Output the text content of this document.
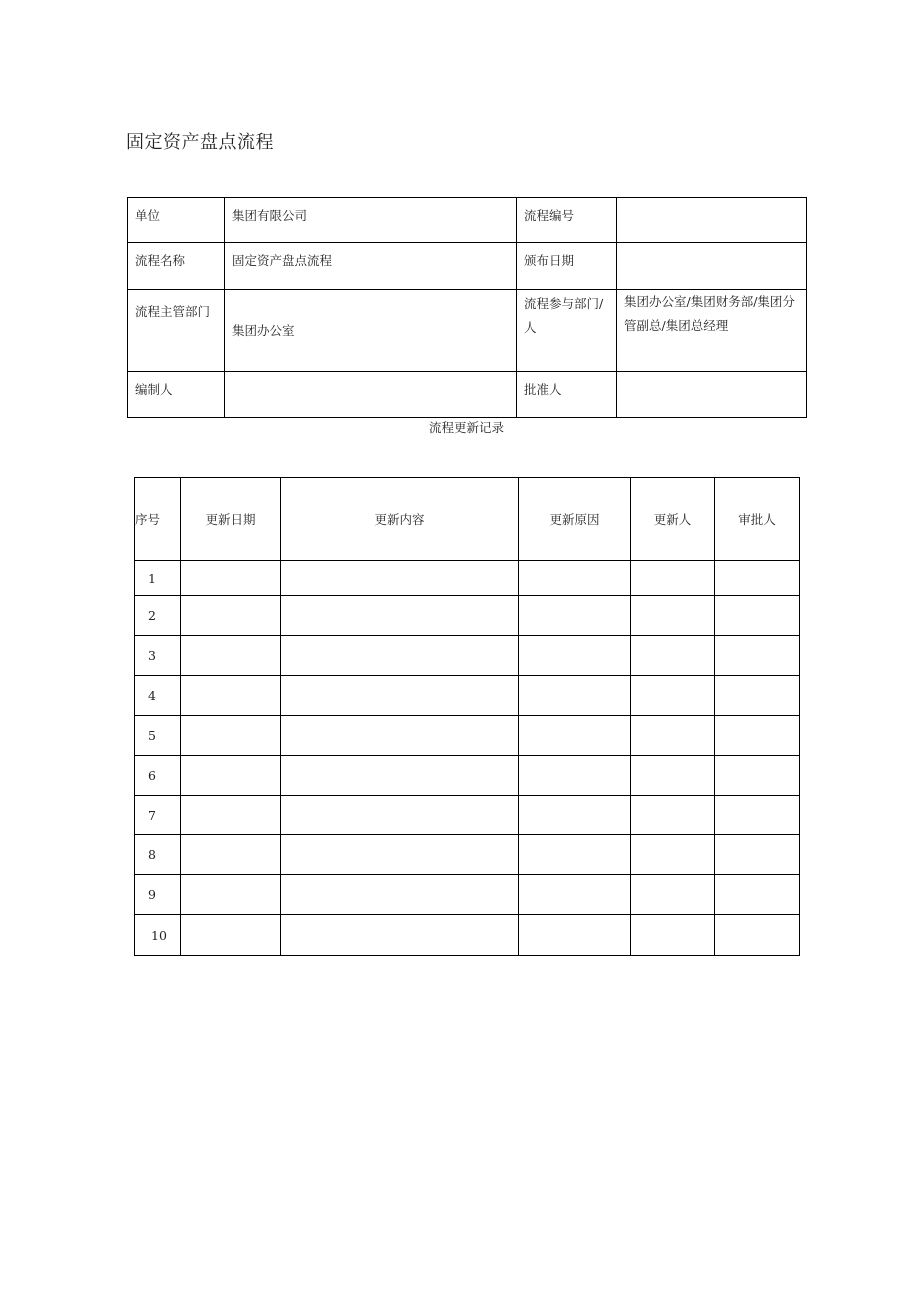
固定资产盘点流程
单位	集团有限公司	流程编号	
流程名称	固定资产盘点流程	颁布日期	
流程主管部门	集团办公室	流程参与部门/人	集团办公室/集团财务部/集团分管副总/集团总经理
编制人		批准人	
流程更新记录
序号	更新日期	更新内容	更新原因	更新人	审批人
1					
2					
3					
4					
5					
6					
7					
8					
9					
10					
